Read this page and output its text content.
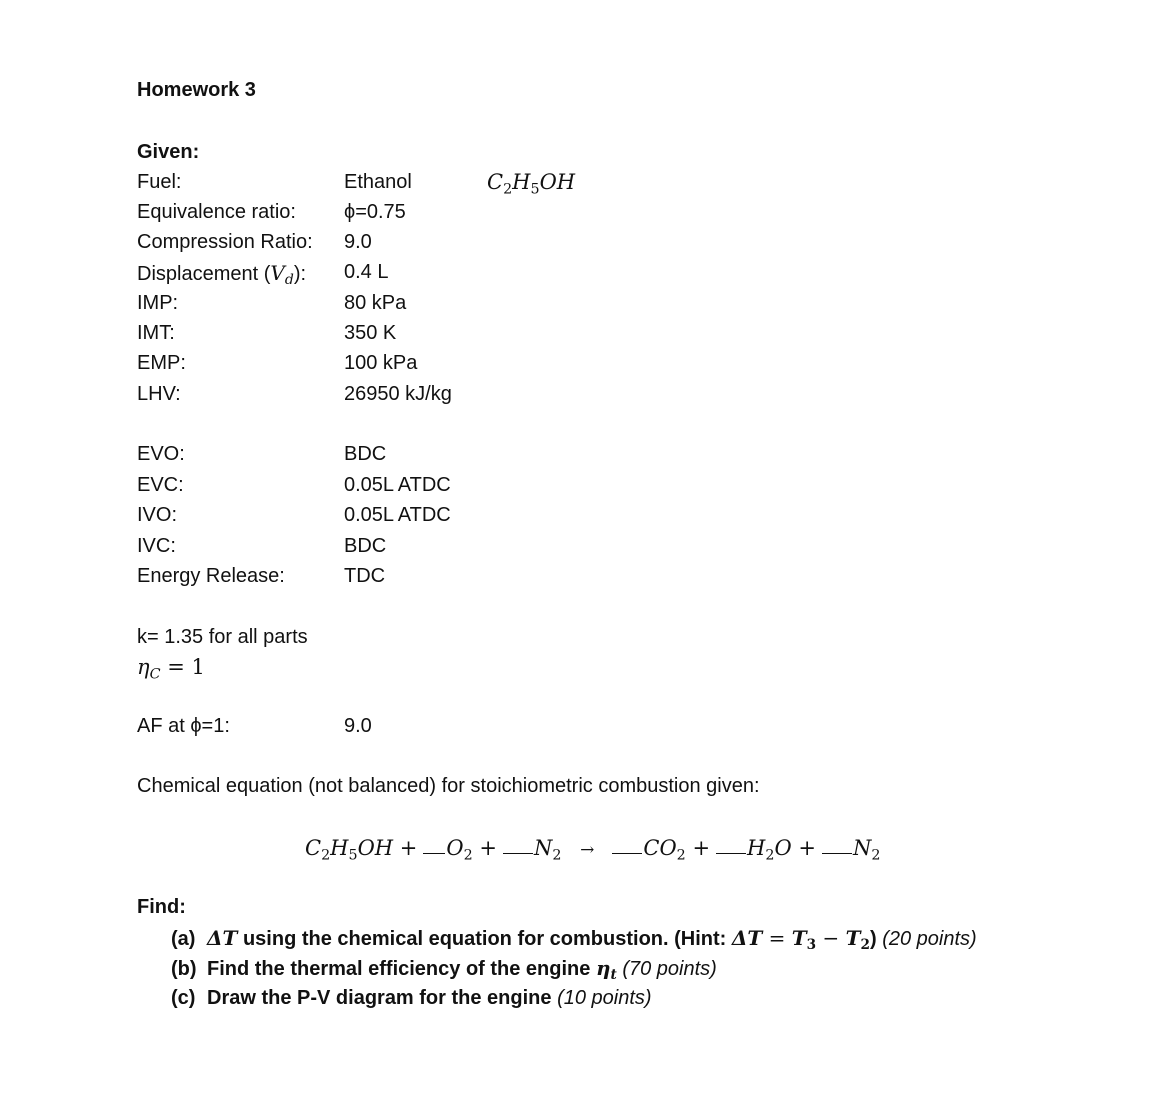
Homework 3
Given:
Fuel:	Ethanol	$C_2H_5OH$
Equivalence ratio: ϕ=0.75
Compression Ratio: 9.0
Displacement $(V_d)$: 0.4 L
IMP:	80 kPa
IMT:	350 K
EMP:	100 kPa
LHV:	26950 kJ/kg
EVO:	BDC
EVC:	0.05L ATDC
IVO:	0.05L ATDC
IVC:	BDC
Energy Release:	TDC
k= 1.35 for all parts
$\eta_C = 1$
AF at ϕ=1:	9.0
Chemical equation (not balanced) for stoichiometric combustion given:
$C_2H_5OH + O_2 + N_2 \to CO_2 + H_2O + N_2$
Find:
(a) ΔT using the chemical equation for combustion. (Hint: $\Delta T = T_3 - T_2$) (20 points)
(b) Find the thermal efficiency of the engine $\eta_t$ (70 points)
(c) Draw the P-V diagram for the engine (10 points)
